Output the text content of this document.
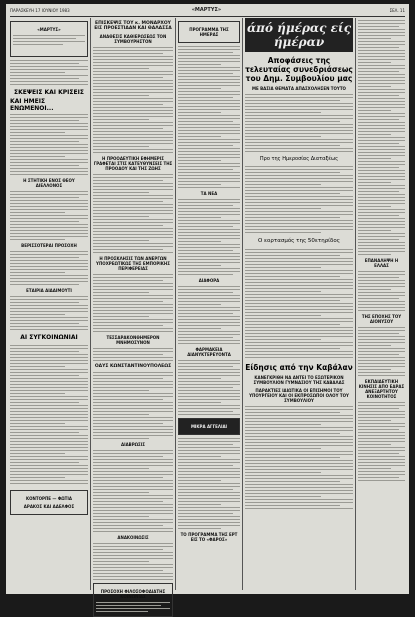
ΠΑΡΑΣΚΕΥΗ 17 ΙΟΥΝΙΟΥ 1983	«ΜΑΡΤΥΣ»	ΣΕΛ. 11
«ΜΑΡΤΥΣ»
ΣΚΕΨΕΙΣ ΚΑΙ ΚΡΙΣΕΙΣ
ΚΑΙ ΗΜΕΙΣ ΕΝΩΜΕΝΟΙ...
Η ΣΤΗΤΙΚΗ ΕΝΟΣ ΘΕΟΥ ΔΙΕΛΛΟΝΟΣ
ΒΕΡΙΣΣΟΤΕΡΑΙ ΠΡΟΣΟΧΗ
ΕΤΑΙΡΙΑ ΑΙΔΑΙΜΟΥΤΙ
ΑΙ ΣΥΓΚΟΙΝΩΝΙΑΙ
ΚΟΝΤΟΡΠΕ — ΦΩΤΙΑ
ΑΡΑΚΟΣ ΚΑΙ ΑΔΕΛΦΟΣ
ΕΠΙΣΚΕΨΙΣ ΤΟΥ κ. ΜΟΝΑΡΧΟΥ ΕΙΣ ΠΡΟΕΣΤΙΔΑΝ ΚΑΙ ΘΑΛΑΣΣΑ
ΑΝΑΘΕΣΙΣ ΚΑΘΙΕΡΩΣΕΩΣ ΤΟΝ ΣΥΜΒΟΥΡΗΣΤΟΝ
Η ΠΡΟΟΔΕΥΤΙΚΗ ΕΦΗΜΕΡΙΣ ΓΡΑΦΕΤΑΙ ΣΤΙΣ ΚΑΤΕΥΘΥΝΣΕΙΣ ΤΗΣ ΠΡΟΟΔΟΥ ΚΑΙ ΤΗΣ ΖΩΗΣ
Η ΠΡΟΣΚΛΗΣΙΣ ΤΩΝ ΑΝΕΡΓΩΝ ΥΠΟΧΡΕΩΤΙΚΩΣ ΤΗΣ ΕΜΠΟΡΙΚΗΣ ΠΕΡΙΦΕΡΕΙΑΣ
ΤΕΣΣΑΡΑΚΟΝΘΗΜΕΡΟΝ ΜΝΗΜΟΣΥΝΟΝ
ΟΔΥΣ ΚΩΝΣΤΑΝΤΙΝΟΥΠΟΛΕΩΣ
ΔΙΑΒΡΩΣΙΣ
ΑΝΑΚΟΙΝΩΣΙΣ
ΠΡΟΣΟΧΗ ΦΙΛΟΣΟΦΟΔΙΑΤΗΣ ΚΟΙΝΩΝΙΑΣ
ΠΡΟΓΡΑΜΜΑ ΤΗΣ ΗΜΕΡΑΣ
ΤΑ ΝΕΑ
ΔΙΑΦΟΡΑ
ΦΑΡΜΑΚΕΙΑ ΔΙΑΝΥΚΤΕΡΕΥΟΝΤΑ
ΜΙΚΡΑ ΑΓΓΕΛΙΑΙ
ΤΟ ΠΡΟΓΡΑΜΜΑ ΤΗΣ ΕΡΤ ΕΙΣ ΤΟ «ΦΑΡΟΣ»
άπό ήμέρας είς ήμέραν
Αποφάσεις της τελευταίας συνεδριάσεως του Δημ. Συμβουλίου μας
ΜΕ ΒΑΣΙΑ ΘΕΜΑΤΑ ΑΠΑΣΧΟΛΗΣΕΝ ΤΟΥΤΟ
Προ της Ημεροσίας Διαταξέως
Ο εορτασμός της 50ετηρίδος
Είδησις από την Καβάλαν
ΚΑΝΕΓΚΡΙΘΗ ΝΑ ΑΝΤΕΙ ΤΟ ΕΣΩΤΕΡΙΚΟΝ ΣΥΜΒΟΥΛΙΟΝ ΓΥΜΝΑΣΙΟΥ ΤΗΣ ΚΑΒΑΛΑΣ
ΠΑΡΑΚΤΙΕΣ ΙΔΙΩΤΙΚΑ ΟΙ ΕΠΙΣΗΜΟΙ ΤΟΥ ΥΠΟΥΡΓΕΙΟΥ ΚΑΙ ΟΙ ΕΚΠΡΟΣΩΠΟΙ ΟΛΟΥ ΤΟΥ ΣΥΜΒΟΥΛΙΟΥ
ΕΠΑΝΑΛΗΨΗ Η ΕΛΛΑΣ
ΤΗΣ ΕΠΟΧΗΣ ΤΟΥ ΔΙΟΝΥΣΟΥ
ΕΚΠΑΙΔΕΥΤΙΚΗ ΚΙΝΗΣΙΣ ΑΠΟ ΕΔΡΑΣ ΑΝΕΞΑΡΤΗΤΟΥ ΚΟΙΝΟΤΗΤΟΣ
